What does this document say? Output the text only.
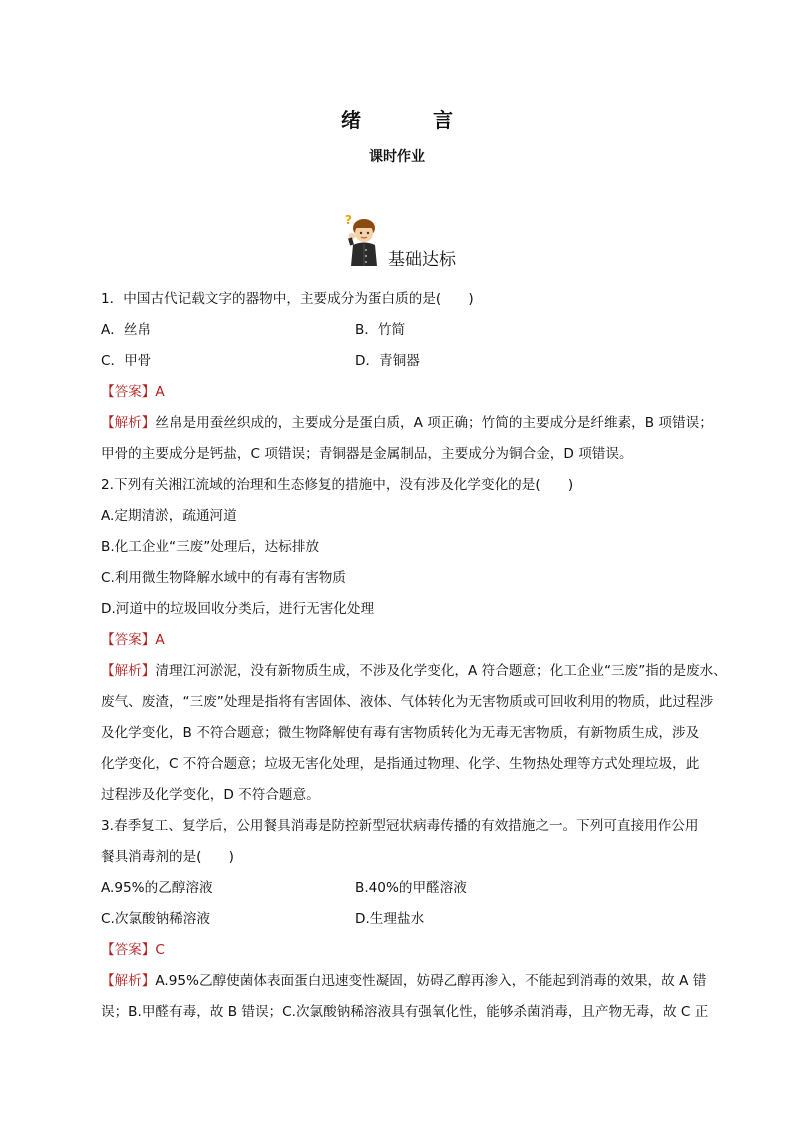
绪　言
课时作业
?
基础达标
1．中国古代记载文字的器物中，主要成分为蛋白质的是(　　)
A．丝帛	B．竹简
C．甲骨	D．青铜器
【答案】A
【解析】丝帛是用蚕丝织成的，主要成分是蛋白质，A 项正确；竹简的主要成分是纤维素，B 项错误；
甲骨的主要成分是钙盐，C 项错误；青铜器是金属制品，主要成分为铜合金，D 项错误。
2.下列有关湘江流域的治理和生态修复的措施中，没有涉及化学变化的是(　　)
A.定期清淤，疏通河道
B.化工企业“三废”处理后，达标排放
C.利用微生物降解水域中的有毒有害物质
D.河道中的垃圾回收分类后，进行无害化处理
【答案】A
【解析】清理江河淤泥，没有新物质生成，不涉及化学变化，A 符合题意；化工企业“三废”指的是废水、
废气、废渣，“三废”处理是指将有害固体、液体、气体转化为无害物质或可回收利用的物质，此过程涉
及化学变化，B 不符合题意；微生物降解使有毒有害物质转化为无毒无害物质，有新物质生成，涉及
化学变化，C 不符合题意；垃圾无害化处理，是指通过物理、化学、生物热处理等方式处理垃圾，此
过程涉及化学变化，D 不符合题意。
3.春季复工、复学后，公用餐具消毒是防控新型冠状病毒传播的有效措施之一。下列可直接用作公用
餐具消毒剂的是(　　)
A.95%的乙醇溶液	B.40%的甲醛溶液
C.次氯酸钠稀溶液	D.生理盐水
【答案】C
【解析】A.95%乙醇使菌体表面蛋白迅速变性凝固，妨碍乙醇再渗入，不能起到消毒的效果，故 A 错
误；B.甲醛有毒，故 B 错误；C.次氯酸钠稀溶液具有强氧化性，能够杀菌消毒，且产物无毒，故 C 正
